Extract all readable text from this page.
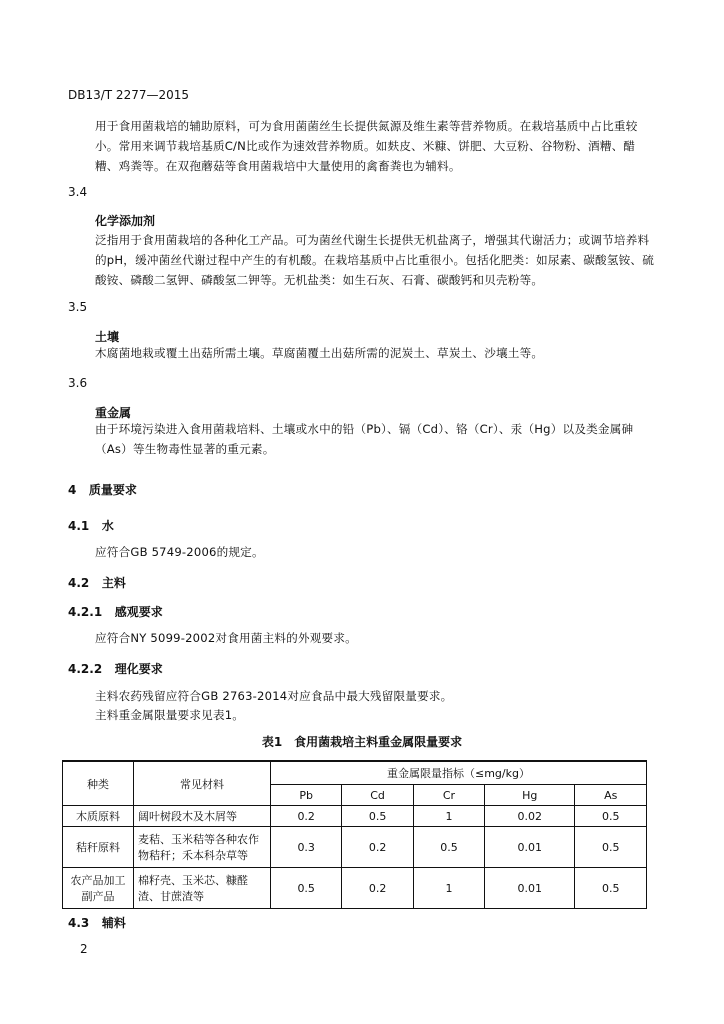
DB13/T 2277—2015
用于食用菌栽培的辅助原料，可为食用菌菌丝生长提供氮源及维生素等营养物质。在栽培基质中占比重较小。常用来调节栽培基质C/N比或作为速效营养物质。如麸皮、米糠、饼肥、大豆粉、谷物粉、酒糟、醋糟、鸡粪等。在双孢蘑菇等食用菌栽培中大量使用的禽畜粪也为辅料。
3.4
化学添加剂
泛指用于食用菌栽培的各种化工产品。可为菌丝代谢生长提供无机盐离子，增强其代谢活力；或调节培养料的pH，缓冲菌丝代谢过程中产生的有机酸。在栽培基质中占比重很小。包括化肥类：如尿素、碳酸氢铵、硫酸铵、磷酸二氢钾、磷酸氢二钾等。无机盐类：如生石灰、石膏、碳酸钙和贝壳粉等。
3.5
土壤
木腐菌地栽或覆土出菇所需土壤。草腐菌覆土出菇所需的泥炭土、草炭土、沙壤土等。
3.6
重金属
由于环境污染进入食用菌栽培料、土壤或水中的铅（Pb）、镉（Cd）、铬（Cr）、汞（Hg）以及类金属砷（As）等生物毒性显著的重元素。
4 质量要求
4.1 水
应符合GB 5749-2006的规定。
4.2 主料
4.2.1 感观要求
应符合NY 5099-2002对食用菌主料的外观要求。
4.2.2 理化要求
主料农药残留应符合GB 2763-2014对应食品中最大残留限量要求。
主料重金属限量要求见表1。
表1　食用菌栽培主料重金属限量要求
种类	常见材料	重金属限量指标（≤mg/kg）				
		Pb	Cd	Cr	Hg	As
木质原料	阔叶树段木及木屑等	0.2	0.5	1	0.02	0.5
秸秆原料	麦秸、玉米秸等各种农作物秸秆；禾本科杂草等	0.3	0.2	0.5	0.01	0.5
农产品加工副产品	棉籽壳、玉米芯、糠醛渣、甘蔗渣等	0.5	0.2	1	0.01	0.5
4.3 辅料
2
